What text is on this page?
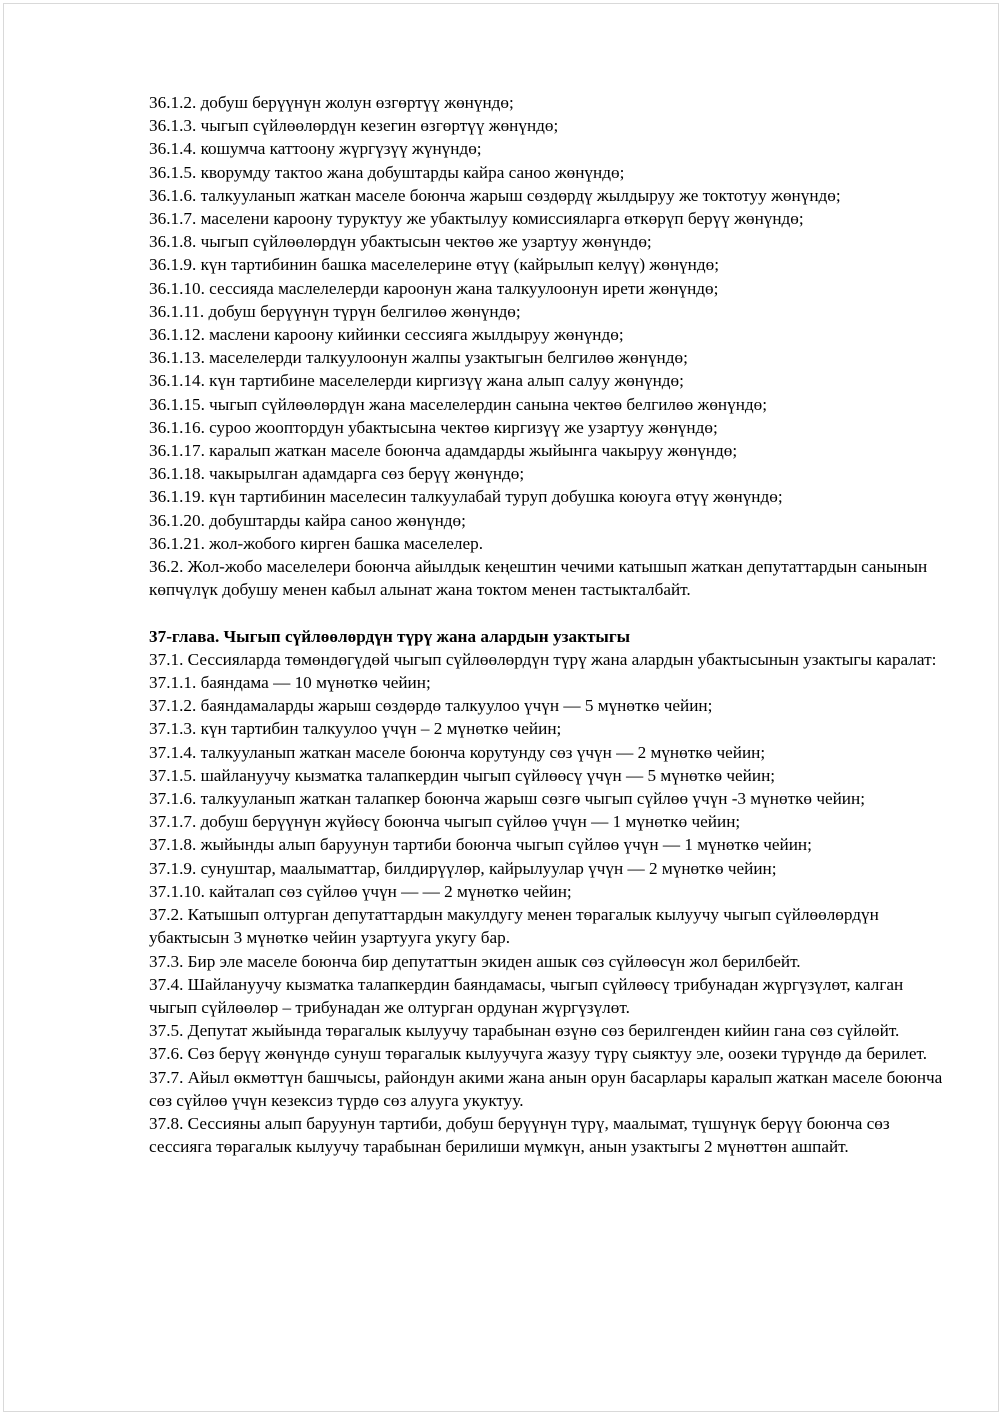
36.1.2. добуш берүүнүн жолун өзгөртүү жөнүндө;

36.1.3. чыгып сүйлөөлөрдүн кезегин өзгөртүү жөнүндө;

36.1.4. кошумча каттоону жүргүзүү жүнүндө;

36.1.5. кворумду тактоо жана добуштарды кайра саноо жөнүндө;

36.1.6. талкууланып жаткан маселе боюнча жарыш сөздөрдү жылдыруу же токтотуу жөнүндө;

36.1.7. маселени кароону туруктуу же убактылуу комиссияларга өткөрүп берүү жөнүндө;

36.1.8. чыгып сүйлөөлөрдүн убактысын чектөө же узартуу жөнүндө;

36.1.9. күн тартибинин башка маселелерине өтүү (кайрылып келүү) жөнүндө;

36.1.10. сессияда маслелелерди кароонун жана талкуулоонун ирети жөнүндө;

36.1.11. добуш берүүнүн түрүн белгилөө жөнүндө;

36.1.12. маслени кароону кийинки сессияга жылдыруу жөнүндө;

36.1.13. маселелерди талкуулоонун жалпы узактыгын белгилөө жөнүндө;

36.1.14. күн тартибине маселелерди киргизүү жана алып салуу жөнүндө;

36.1.15. чыгып сүйлөөлөрдүн жана маселелердин санына чектөө белгилөө жөнүндө;

36.1.16. суроо жооптордун убактысына чектөө киргизүү же узартуу жөнүндө;

36.1.17. каралып жаткан маселе боюнча адамдарды жыйынга чакыруу жөнүндө;

36.1.18. чакырылган адамдарга сөз берүү жөнүндө;

36.1.19. күн тартибинин маселесин талкуулабай туруп добушка коюуга өтүү жөнүндө;

36.1.20. добуштарды кайра саноо жөнүндө;

36.1.21. жол-жобого кирген башка маселелер.

36.2. Жол-жобо маселелери боюнча айылдык кеңештин чечими катышып жаткан депутаттардын санынын көпчүлүк добушу менен кабыл алынат жана токтом менен тастыкталбайт.

37-глава. Чыгып сүйлөөлөрдүн түрү жана алардын узактыгы

37.1. Сессияларда төмөндөгүдөй чыгып сүйлөөлөрдүн түрү жана алардын убактысынын узактыгы каралат:

37.1.1. баяндама — 10 мүнөткө чейин;

37.1.2. баяндамаларды жарыш сөздөрдө талкуулоо үчүн — 5 мүнөткө чейин;

37.1.3. күн тартибин талкуулоо үчүн – 2 мүнөткө чейин;

37.1.4. талкууланып жаткан маселе боюнча корутунду сөз үчүн — 2 мүнөткө чейин;

37.1.5. шайлануучу кызматка талапкердин чыгып сүйлөөсү үчүн — 5 мүнөткө чейин;

37.1.6. талкууланып жаткан талапкер боюнча жарыш сөзгө чыгып сүйлөө үчүн -3 мүнөткө чейин;

37.1.7. добуш берүүнүн жүйөсү боюнча чыгып сүйлөө үчүн — 1 мүнөткө чейин;

37.1.8. жыйынды алып баруунун тартиби боюнча чыгып сүйлөө үчүн — 1 мүнөткө чейин;

37.1.9. сунуштар, маалыматтар, билдирүүлөр, кайрылуулар үчүн — 2 мүнөткө чейин;

37.1.10. кайталап сөз сүйлөө үчүн — — 2 мүнөткө чейин;

37.2. Катышып олтурган депутаттардын макулдугу менен төрагалык кылуучу чыгып сүйлөөлөрдүн убактысын 3 мүнөткө чейин узартууга укугу бар.

37.3. Бир эле маселе боюнча бир депутаттын экиден ашык сөз сүйлөөсүн жол берилбейт.

37.4. Шайлануучу кызматка талапкердин баяндамасы, чыгып сүйлөөсү трибунадан жүргүзүлөт, калган чыгып сүйлөөлөр – трибунадан же олтурган ордунан жүргүзүлөт.

37.5. Депутат жыйында төрагалык кылуучу тарабынан өзүнө сөз берилгенден кийин гана сөз сүйлөйт.

37.6. Сөз берүү жөнүндө сунуш төрагалык кылуучуга жазуу түрү сыяктуу эле, оозеки түрүндө да берилет.

37.7. Айыл өкмөттүн башчысы, райондун акими жана анын орун басарлары каралып жаткан маселе боюнча сөз сүйлөө үчүн кезексиз түрдө сөз алууга укуктуу.

37.8. Сессияны алып баруунун тартиби, добуш берүүнүн түрү, маалымат, түшүнүк берүү боюнча сөз сессияга төрагалык кылуучу тарабынан берилиши мүмкүн, анын узактыгы 2 мүнөттөн ашпайт.
